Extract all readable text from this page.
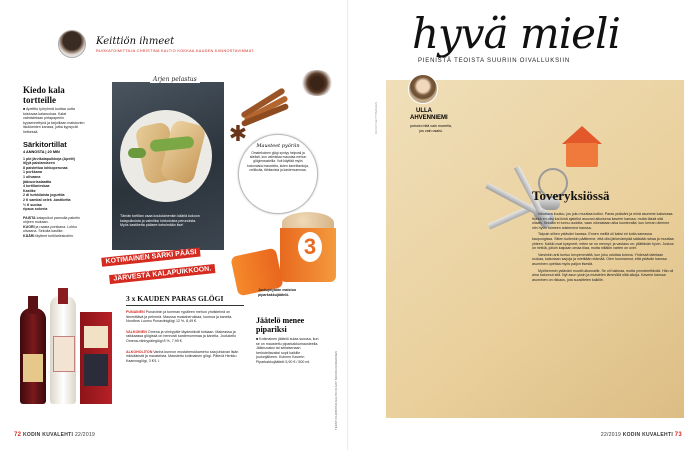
Keittiön ihmeet
RUOKATOIMITTAJA CHRISTINA KALTIO KOKKAA KAUDEN KIINNOSTAVIMMAT.
Kiedo kala
tortteille
■ Apettito työryhmä tuottaa uutta toistuvaa kalaruokaa. Kalat valmistetaan pirtapaperiin kypsennettynä ja tarjoillaan maistuvien lisukkeiden kanssa, jotka kypsyvät hetkessä.
Särkitortillat
4 ANNOSTA | 20 MIN
1 pkt järvikalapuikkoja (Apetit)
öljyä paistamiseen
8 paistettua lohkoperunaa
1 porkkana
1 olivaana
jäävuorisalaattia
4 tortillarieskaa
Kastike
2 dl turkkilaista jogurttia
2 tl sambal oelek -kastiketta
½ tl suolaa
ripaus sokeria
PAISTA kalapuikot pannulla paketin ohjeen mukaan.
KUORI ja raasta porkkana. Lohko olivaana. Sekoita kastike.
KÄÄRI täytteet tortillarieskoihin.
Tämän tortillan osaa koululainenkin kääriä kokoon kalapuikoista ja valmiiksi lohkotuista perunoista. Myös kastiketta pääsee keksimään itse!
Arjen pelastus
KOTIMAINEN SÄRKI PÄÄSI JÄRVESTÄ KALAPUIKKOON.
✱	Mausteet pyöriin
Omatekoinen glögi syntyy helposti ja sileästi, kun valmistaa maustaa mehun glögimausteilla. Voit käyttää myös kokonaisia mausteita, kuten kanelitankoja, neilikoita, tähtianista ja kardemummaa.
3
Joulupöytään maistuu piparkakkujäätelö.
3 x KAUDEN PARAS GLÖGI
PUNAINEN Punaviinin ja tumman rypäleen mehun yhdistelmä on lämmittävä ja pehmeä. Maussa mustaherukkaa, luumua ja kanelia. Nordfors Luomu Punaviiniglögi 12 %, 8,49 €.
VALKOINEN Omena ja viinirypäle täydentävät toisiaan. Makeassa ja raikkaassa glögissä on hennosti kardemummaa ja kanelia. Joulukello Omena-viinirypäleglögi 8 %, 7,99 €.
ALKOHOLITON Vanha kunnon mustaherukkamehu saa juhlavan lisän inkivääristä ja mausteista. Maustettu kotimainen glögi. Pätevä Herkku Kaamosglögi, 3 €/1 l.
Jäätelö menee
pipariksi
■ Kotimainen jäätelö sulaa suussa, kun se on maustettu piparkakkumausteella. Jälkiruoaksi tai sellaisenaan herkuteltavaksi sopii kaikille joulunjälkeen. Kolmen Kaverin Piparkakkujäätelö 5,90 € / 500 ml.	TEKSTI CHRISTINA KALTIO KUVAT NOORA KORHONEN
72 KODIN KUVALEHTI 22/2019
hyvä mieli
PIENISTÄ TEOISTA SUURIIN OIVALLUKSIIN
KUVAT GETTYIMAGES	ULLA
AHVENNIEMI
puhuisi mitä vain murrella, jos vain osaisi.
Toveryksiössä

Inhottava kuuluu, jos joku muuttaa kotiini. Paras ystäväni ja minä asumme kaksiossa. Itsekä en olisi kai ikinä ajatellut asuvani aikuisena kaverin kanssa, mutta tässä sitä ollaan. Sekään ei tunnu oudolta, vaan oikeastaan aika luontevalta, kun kerran olemme niin hyvin toimeen toistemme kanssa.

Taipuin siihen ystäväni kanssa. Ennen meillä oli kaksi eri kotia samassa kaupungissa. Sitten kuitenkin päätimme, että olisi järkevämpää säästää rahaa ja muuttaa yhteen. Kaikki ovat kysyneet, miten se on mennyt, ja vastaus on: yllättävän hyvin. Joskus on hetkiä, jolloin kaipaan omaa tilaa, mutta niitäkin varten on ovet.

Varsinkin arki tuntuu kevyemmältä, kun joku odottaa kotona. Yhdessä laitetaan ruokaa, katsotaan sarjoja ja mietitään elämää. Olen huomannut, että ystävän kanssa asuminen opettaa myös paljon itsestä.

Myöhemmin ystäväni muutti ulkomaille. Se oli haikeaa, mutta ymmärrettävää. Hän oli aina halunnut sitä. Nyt asun yksin ja muistelen lämmöllä niitä aikoja. Kaverin kanssa asuminen on rikkaus, jota suosittelen kaikille.

22/2019 KODIN KUVALEHTI 73
